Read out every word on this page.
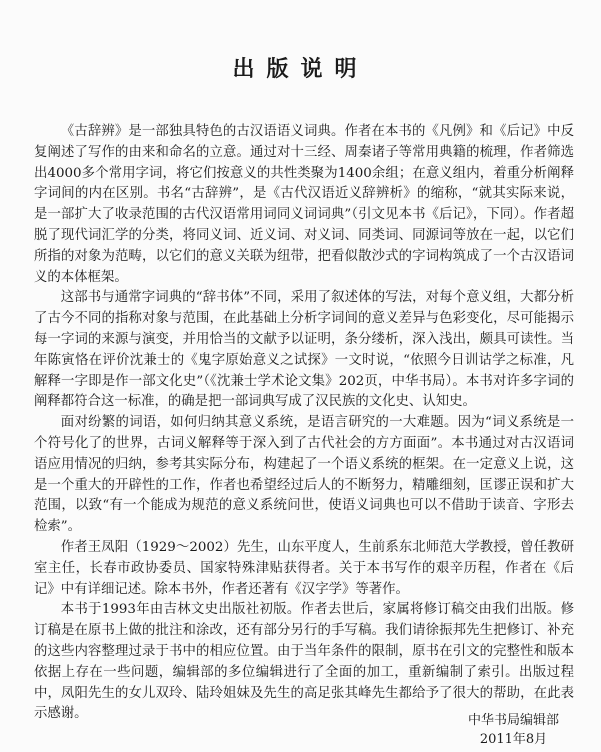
出版说明

《古辞辨》是一部独具特色的古汉语语义词典。作者在本书的《凡例》和《后记》中反复阐述了写作的由来和命名的立意。通过对十三经、周秦诸子等常用典籍的梳理，作者筛选出4000多个常用字词，将它们按意义的共性类聚为1400余组；在意义组内，着重分析阐释字词间的内在区别。书名“古辞辨”，是《古代汉语近义辞辨析》的缩称，“就其实际来说，是一部扩大了收录范围的古代汉语常用词同义词词典”（引文见本书《后记》，下同）。作者超脱了现代词汇学的分类，将同义词、近义词、对义词、同类词、同源词等放在一起，以它们所指的对象为范畴，以它们的意义关联为纽带，把看似散沙式的字词构筑成了一个古汉语词义的本体框架。

这部书与通常字词典的“辞书体”不同，采用了叙述体的写法，对每个意义组，大都分析了古今不同的指称对象与范围，在此基础上分析字词间的意义差异与色彩变化，尽可能揭示每一字词的来源与演变，并用恰当的文献予以证明，条分缕析，深入浅出，颇具可读性。当年陈寅恪在评价沈兼士的《鬼字原始意义之试探》一文时说，“依照今日训诂学之标准，凡解释一字即是作一部文化史”（《沈兼士学术论文集》202页，中华书局）。本书对许多字词的阐释都符合这一标准，的确是把一部词典写成了汉民族的文化史、认知史。

面对纷繁的词语，如何归纳其意义系统，是语言研究的一大难题。因为“词义系统是一个符号化了的世界，古词义解释等于深入到了古代社会的方方面面”。本书通过对古汉语词语应用情况的归纳，参考其实际分布，构建起了一个语义系统的框架。在一定意义上说，这是一个重大的开辟性的工作，作者也希望经过后人的不断努力，精雕细刻，匡谬正误和扩大范围，以致“有一个能成为规范的意义系统问世，使语义词典也可以不借助于读音、字形去检索”。

作者王凤阳（1929～2002）先生，山东平度人，生前系东北师范大学教授，曾任教研室主任，长春市政协委员、国家特殊津贴获得者。关于本书写作的艰辛历程，作者在《后记》中有详细记述。除本书外，作者还著有《汉字学》等著作。

本书于1993年由吉林文史出版社初版。作者去世后，家属将修订稿交由我们出版。修订稿是在原书上做的批注和涂改，还有部分另行的手写稿。我们请徐振邦先生把修订、补充的这些内容整理过录于书中的相应位置。由于当年条件的限制，原书在引文的完整性和版本依据上存在一些问题，编辑部的多位编辑进行了全面的加工，重新编制了索引。出版过程中，凤阳先生的女儿双玲、陆玲姐妹及先生的高足张其峰先生都给予了很大的帮助，在此表示感谢。	中华书局编辑部
2011年8月
